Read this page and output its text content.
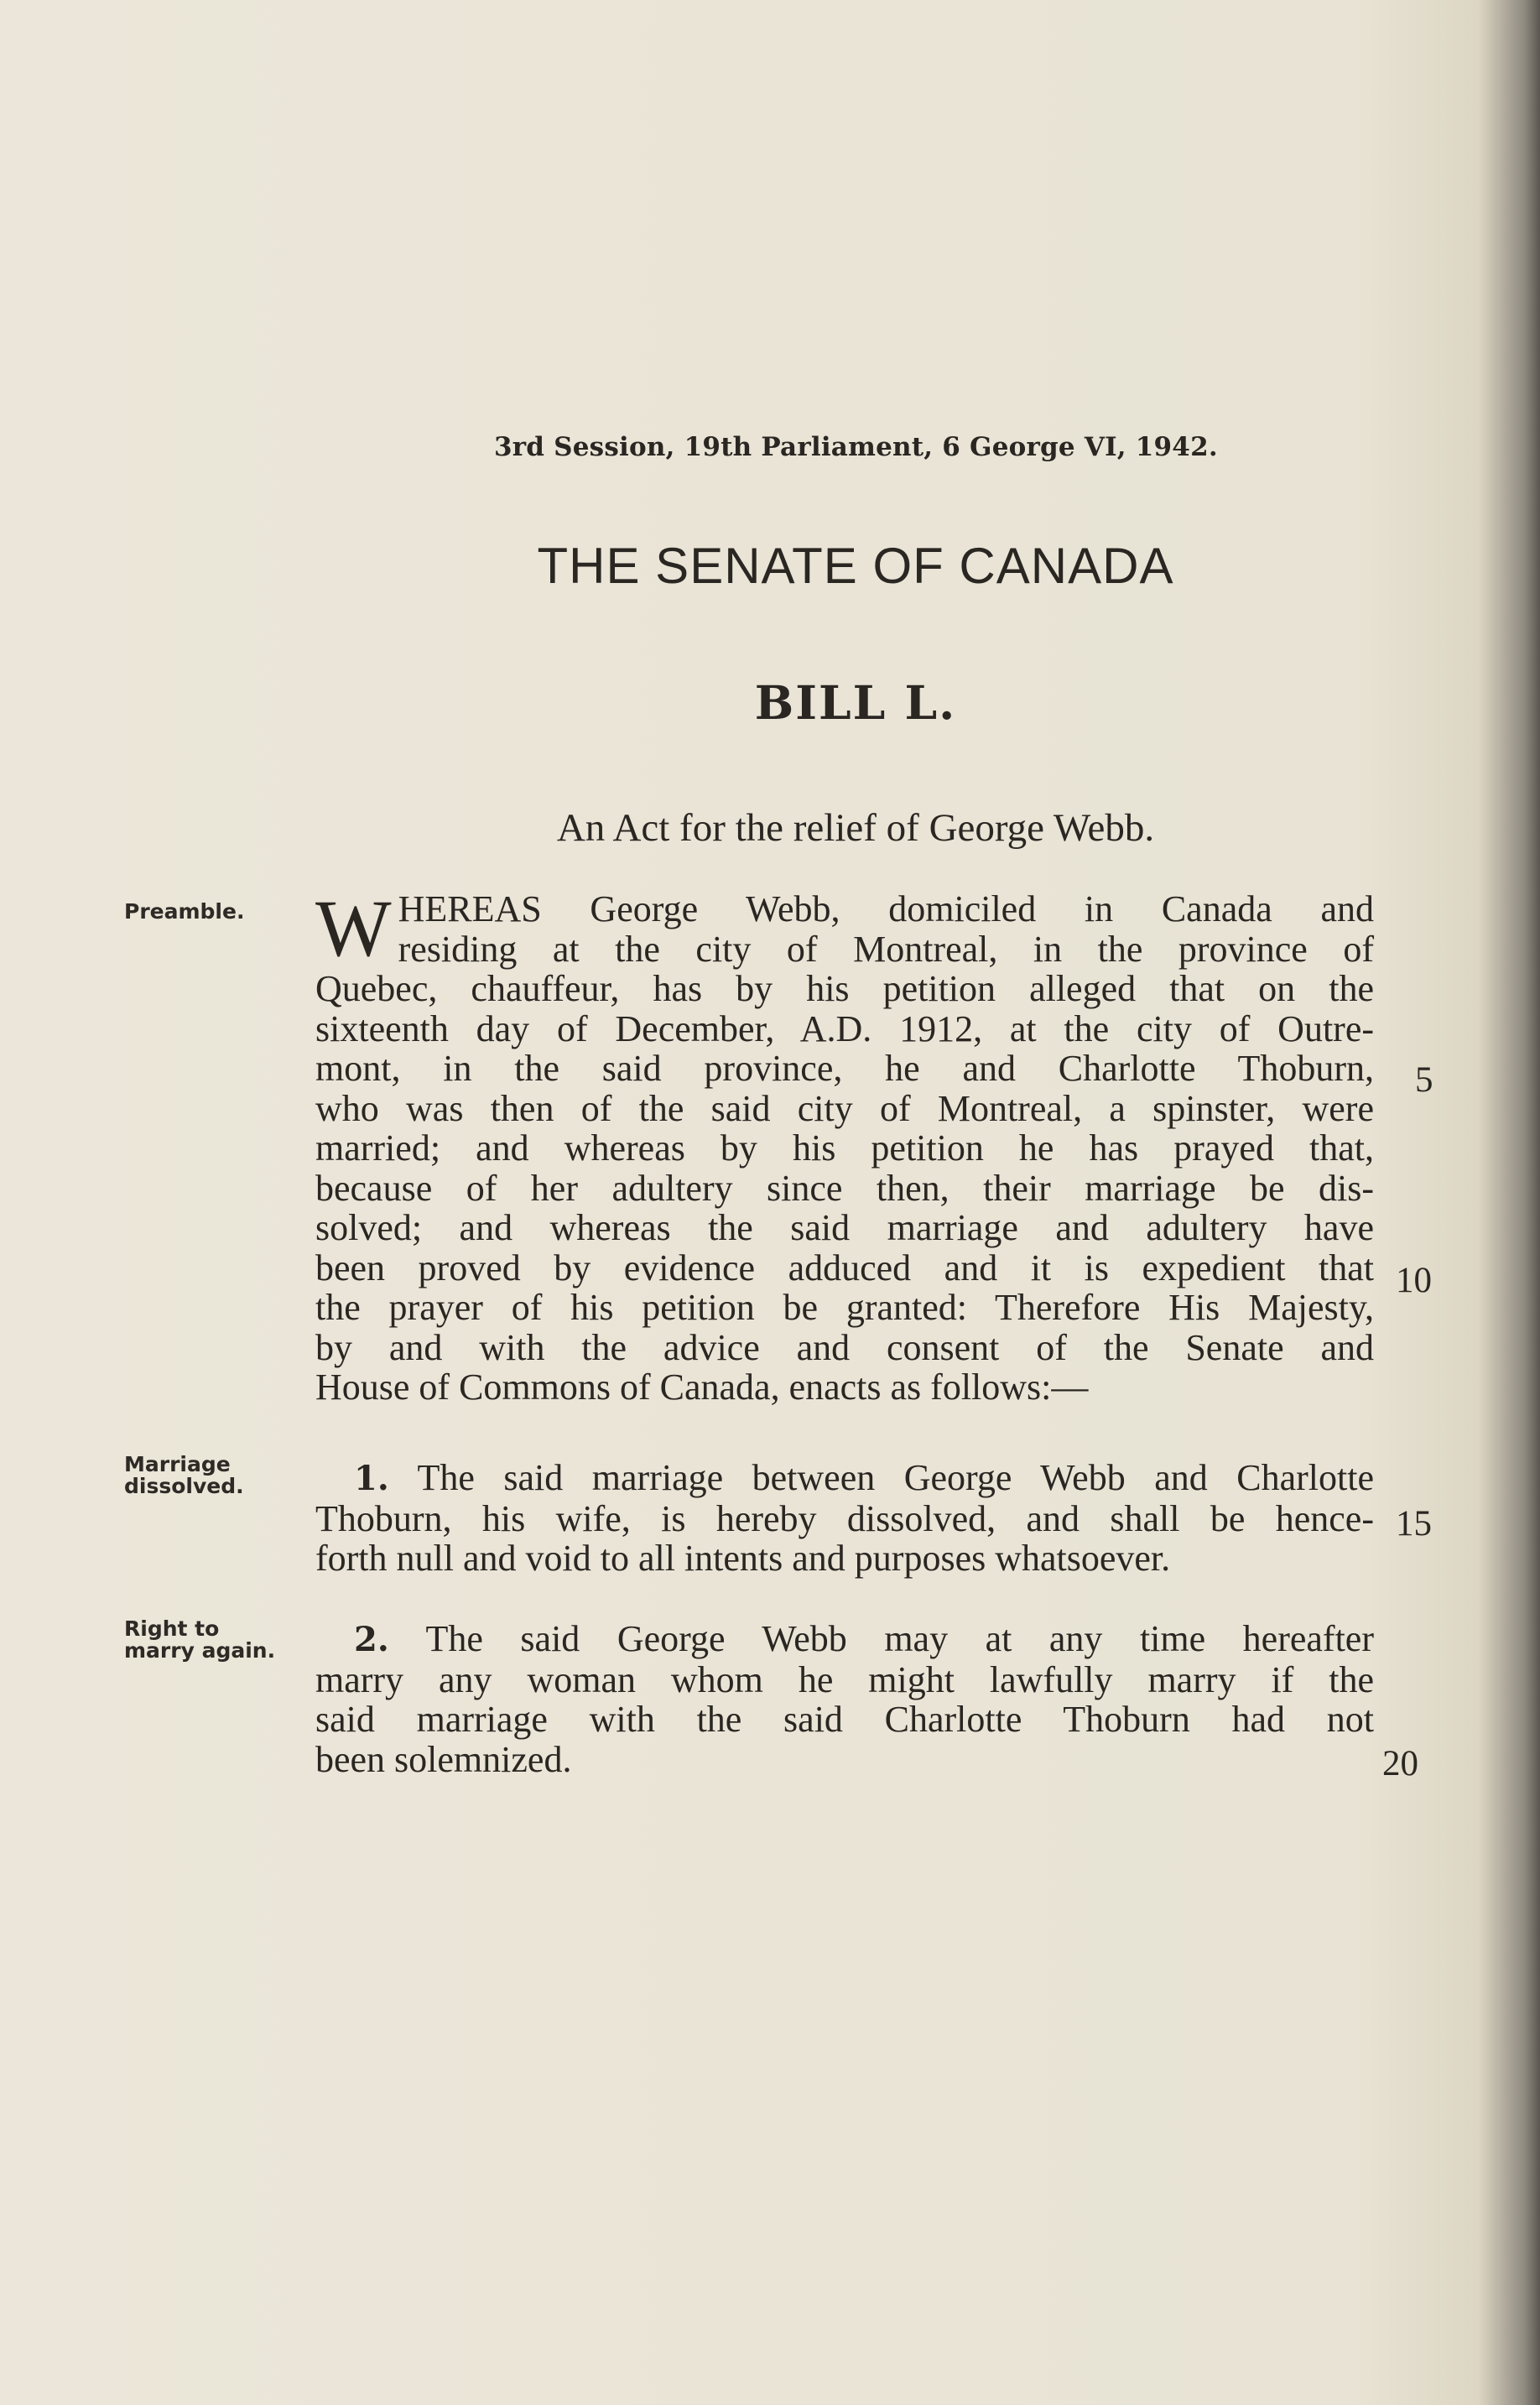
3rd Session, 19th Parliament, 6 George VI, 1942.
THE SENATE OF CANADA
BILL L.
An Act for the relief of George Webb.
Preamble. W HEREAS George Webb, domiciled in Canada and
residing at the city of Montreal, in the province of
Quebec, chauffeur, has by his petition alleged that on the
sixteenth day of December, A.D. 1912, at the city of Outre-
mont, in the said province, he and Charlotte Thoburn,
who was then of the said city of Montreal, a spinster, were
married; and whereas by his petition he has prayed that,
because of her adultery since then, their marriage be dis-
solved; and whereas the said marriage and adultery have
been proved by evidence adduced and it is expedient that
the prayer of his petition be granted: Therefore His Majesty,
by and with the advice and consent of the Senate and
House of Commons of Canada, enacts as follows:—
Marriage
dissolved.	1. The said marriage between George Webb and Charlotte
Thoburn, his wife, is hereby dissolved, and shall be hence-
forth null and void to all intents and purposes whatsoever.
Right to
marry again.	2. The said George Webb may at any time hereafter
marry any woman whom he might lawfully marry if the
said marriage with the said Charlotte Thoburn had not
been solemnized.
5
10
15
20
